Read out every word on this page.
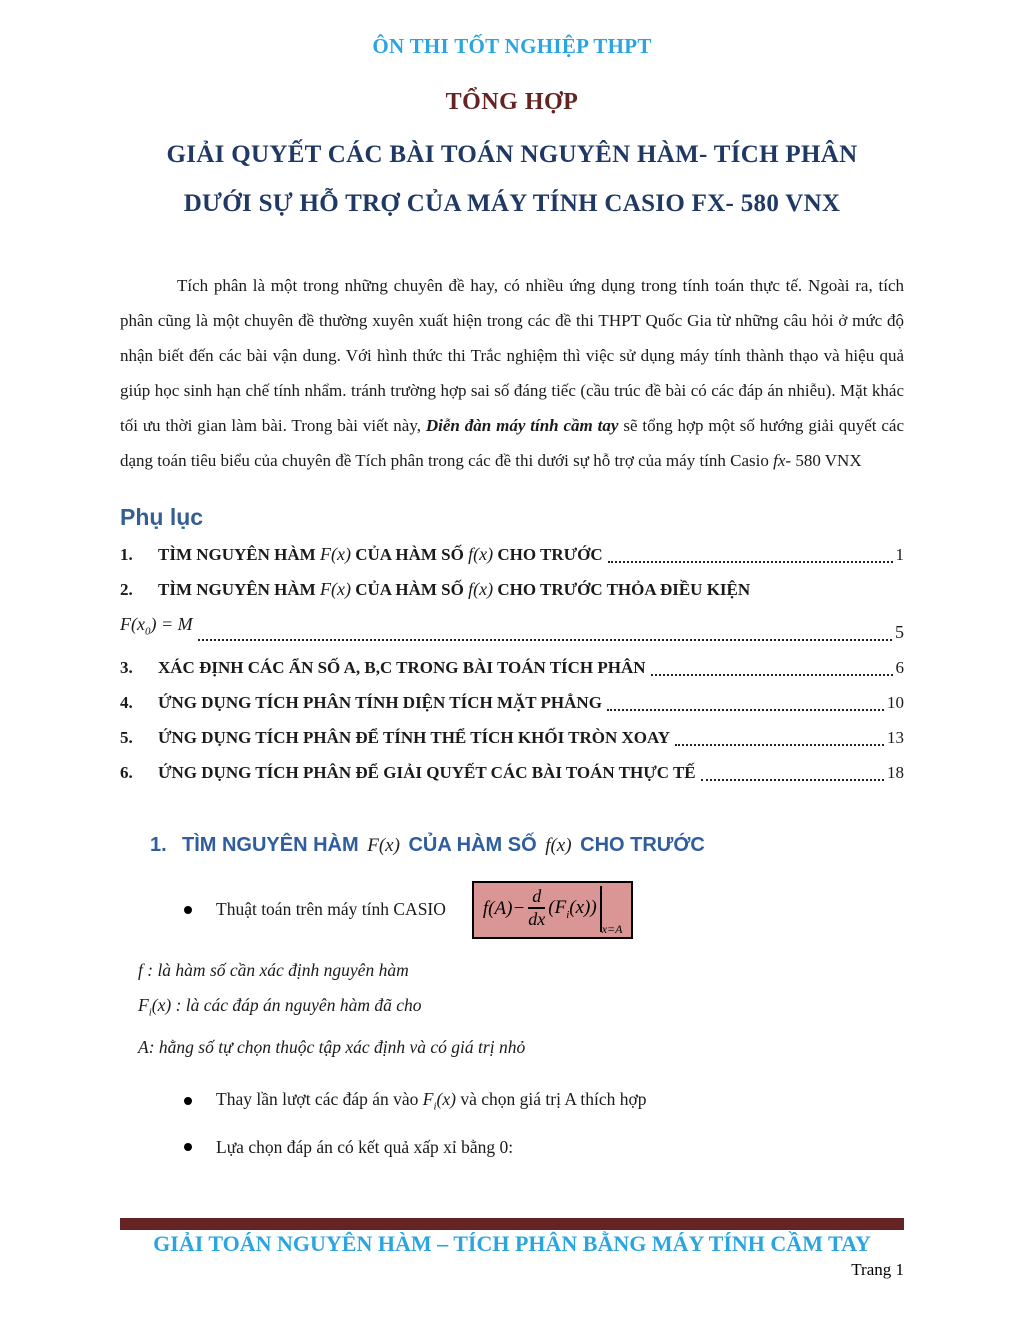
ÔN THI TỐT NGHIỆP THPT
TỔNG HỢP
GIẢI QUYẾT CÁC BÀI TOÁN NGUYÊN HÀM- TÍCH PHÂN
DƯỚI SỰ HỖ TRỢ CỦA MÁY TÍNH CASIO FX- 580 VNX

Tích phân là một trong những chuyên đề hay, có nhiều ứng dụng trong tính toán thực tế. Ngoài ra, tích phân cũng là một chuyên đề thường xuyên xuất hiện trong các đề thi THPT Quốc Gia từ những câu hỏi ở mức độ nhận biết đến các bài vận dung. Với hình thức thi Trắc nghiệm thì việc sử dụng máy tính thành thạo và hiệu quả giúp học sinh hạn chế tính nhẩm. tránh trường hợp sai số đáng tiếc (cầu trúc đề bài có các đáp án nhiễu). Mặt khác tối ưu thời gian làm bài. Trong bài viết này, Diễn đàn máy tính cầm tay sẽ tổng hợp một số hướng giải quyết các dạng toán tiêu biểu của chuyên đề Tích phân trong các đề thi dưới sự hỗ trợ của máy tính Casio fx- 580 VNX

Phụ lục
1.	TÌM NGUYÊN HÀM F(x) CỦA HÀM SỐ f(x) CHO TRƯỚC	1
2.	TÌM NGUYÊN HÀM F(x) CỦA HÀM SỐ f(x) CHO TRƯỚC THỎA ĐIỀU KIỆN
$F(x_0) = M$	5
3.	XÁC ĐỊNH CÁC ẨN SỐ A, B,C TRONG BÀI TOÁN TÍCH PHÂN	6
4.	ỨNG DỤNG TÍCH PHÂN TÍNH DIỆN TÍCH MẶT PHẲNG	10
5.	ỨNG DỤNG TÍCH PHÂN ĐỂ TÍNH THỂ TÍCH KHỐI TRÒN XOAY	13
6.	ỨNG DỤNG TÍCH PHÂN ĐỂ GIẢI QUYẾT CÁC BÀI TOÁN THỰC TẾ	18
1. TÌM NGUYÊN HÀM F(x) CỦA HÀM SỐ f(x) CHO TRƯỚC
Thuật toán trên máy tính CASIO $f(A) - \frac{d}{dx} (F_i(x))$
x=A
f : là hàm số cần xác định nguyên hàm
$F_i(x)$ : là các đáp án nguyên hàm đã cho
A: hằng số tự chọn thuộc tập xác định và có giá trị nhỏ
Thay lần lượt các đáp án vào $F_i(x)$ và chọn giá trị A thích hợp
Lựa chọn đáp án có kết quả xấp xỉ bằng 0:
GIẢI TOÁN NGUYÊN HÀM – TÍCH PHÂN BẰNG MÁY TÍNH CẦM TAY
Trang 1
